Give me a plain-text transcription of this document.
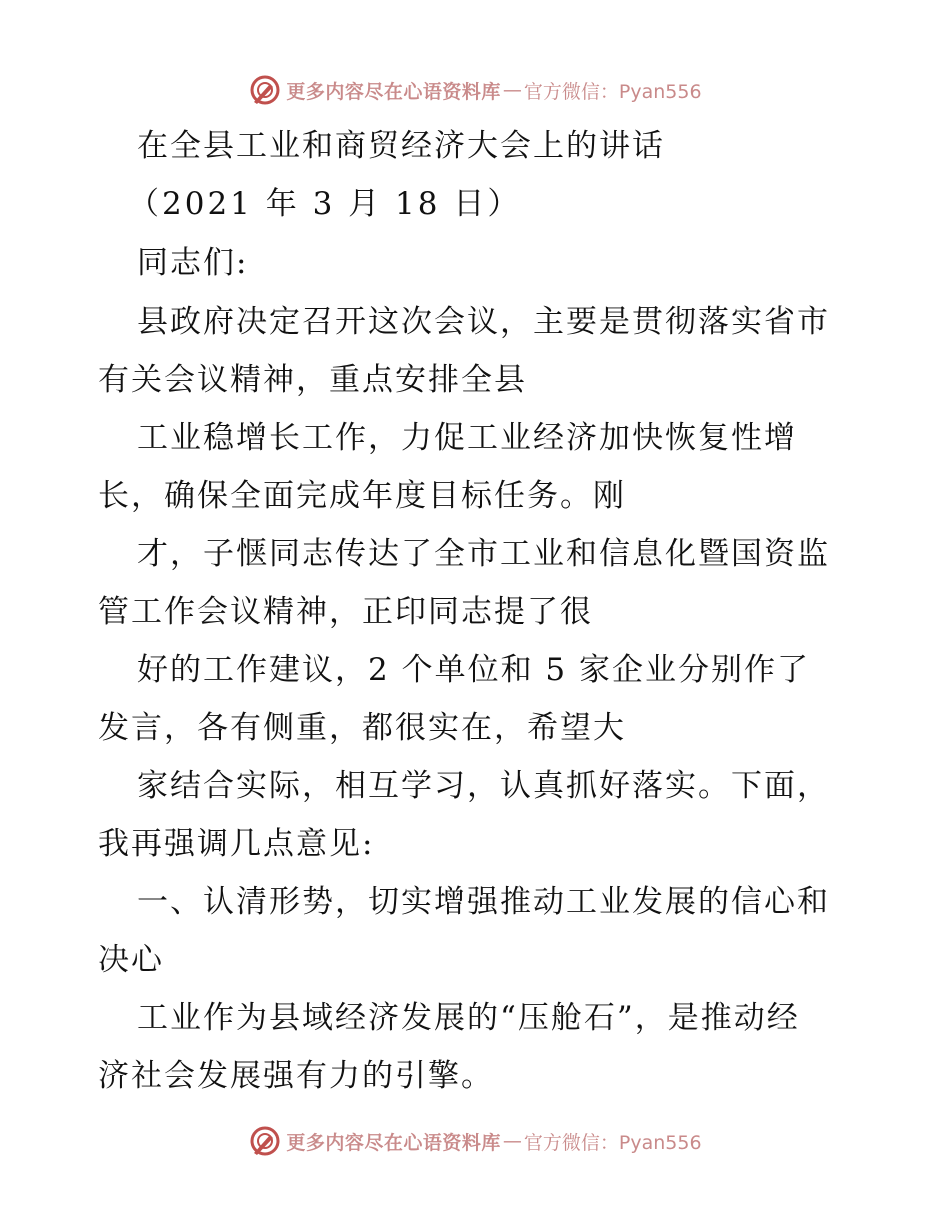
更多内容尽在心语资料库 — 官方微信：Pyan556
在全县工业和商贸经济大会上的讲话
（2021 年 3 月 18 日）
同志们:
县政府决定召开这次会议，主要是贯彻落实省市
有关会议精神，重点安排全县
工业稳增长工作，力促工业经济加快恢复性增
长，确保全面完成年度目标任务。刚
才，子惬同志传达了全市工业和信息化暨国资监
管工作会议精神，正印同志提了很
好的工作建议，2 个单位和 5 家企业分别作了
发言，各有侧重，都很实在，希望大
家结合实际，相互学习，认真抓好落实。下面，
我再强调几点意见:
一、认清形势，切实增强推动工业发展的信心和
决心
工业作为县域经济发展的“压舱石”，是推动经
济社会发展强有力的引擎。
更多内容尽在心语资料库 — 官方微信：Pyan556
